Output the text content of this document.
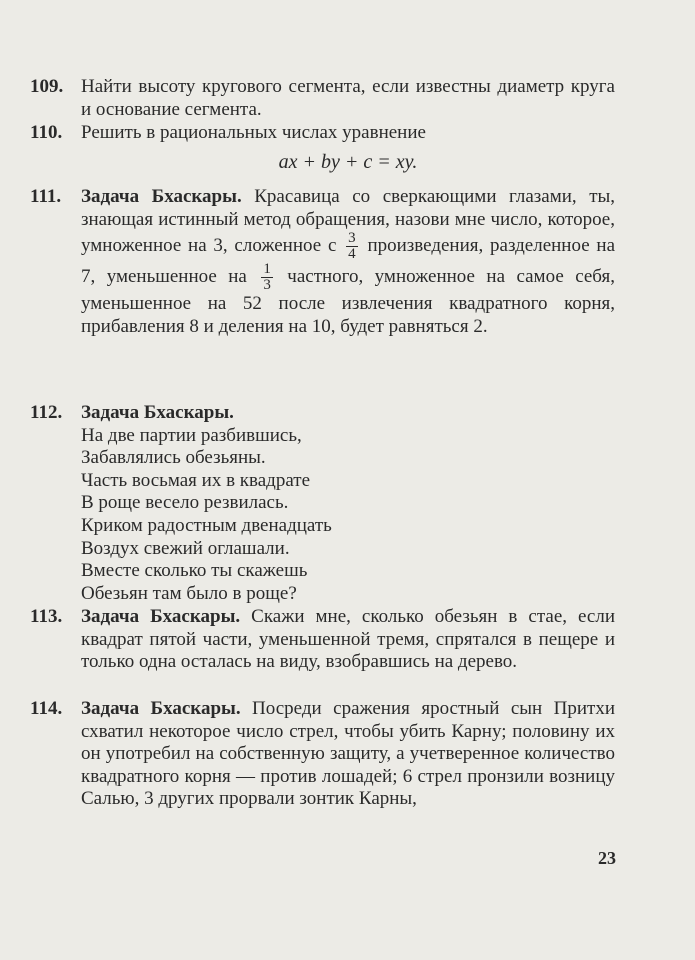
109. Найти высоту кругового сегмента, если известны диаметр круга и основание сегмента.
110. Решить в рациональных числах уравнение
ax + by + c = xy.
111. Задача Бхаскары. Красавица со сверкающими глазами, ты, знающая истинный метод обращения, назови мне число, которое, умноженное на 3, сложенное с $\frac{3}{4}$ произведения, разделенное на 7, уменьшенное на $\frac{1}{3}$ частного, умноженное на самое себя, уменьшенное на 52 после извлечения квадратного корня, прибавления 8 и деления на 10, будет равняться 2.
112. Задача Бхаскары.
На две партии разбившись,
Забавлялись обезьяны.
Часть восьмая их в квадрате
В роще весело резвилась.
Криком радостным двенадцать
Воздух свежий оглашали.
Вместе сколько ты скажешь
Обезьян там было в роще?
113. Задача Бхаскары. Скажи мне, сколько обезьян в стае, если квадрат пятой части, уменьшенной тремя, спрятался в пещере и только одна осталась на виду, взобравшись на дерево.
114. Задача Бхаскары. Посреди сражения яростный сын Притхи схватил некоторое число стрел, чтобы убить Карну; половину их он употребил на собственную защиту, а учетверенное количество квадратного корня — против лошадей; 6 стрел пронзили возницу Салью, 3 других прорвали зонтик Карны,
23
